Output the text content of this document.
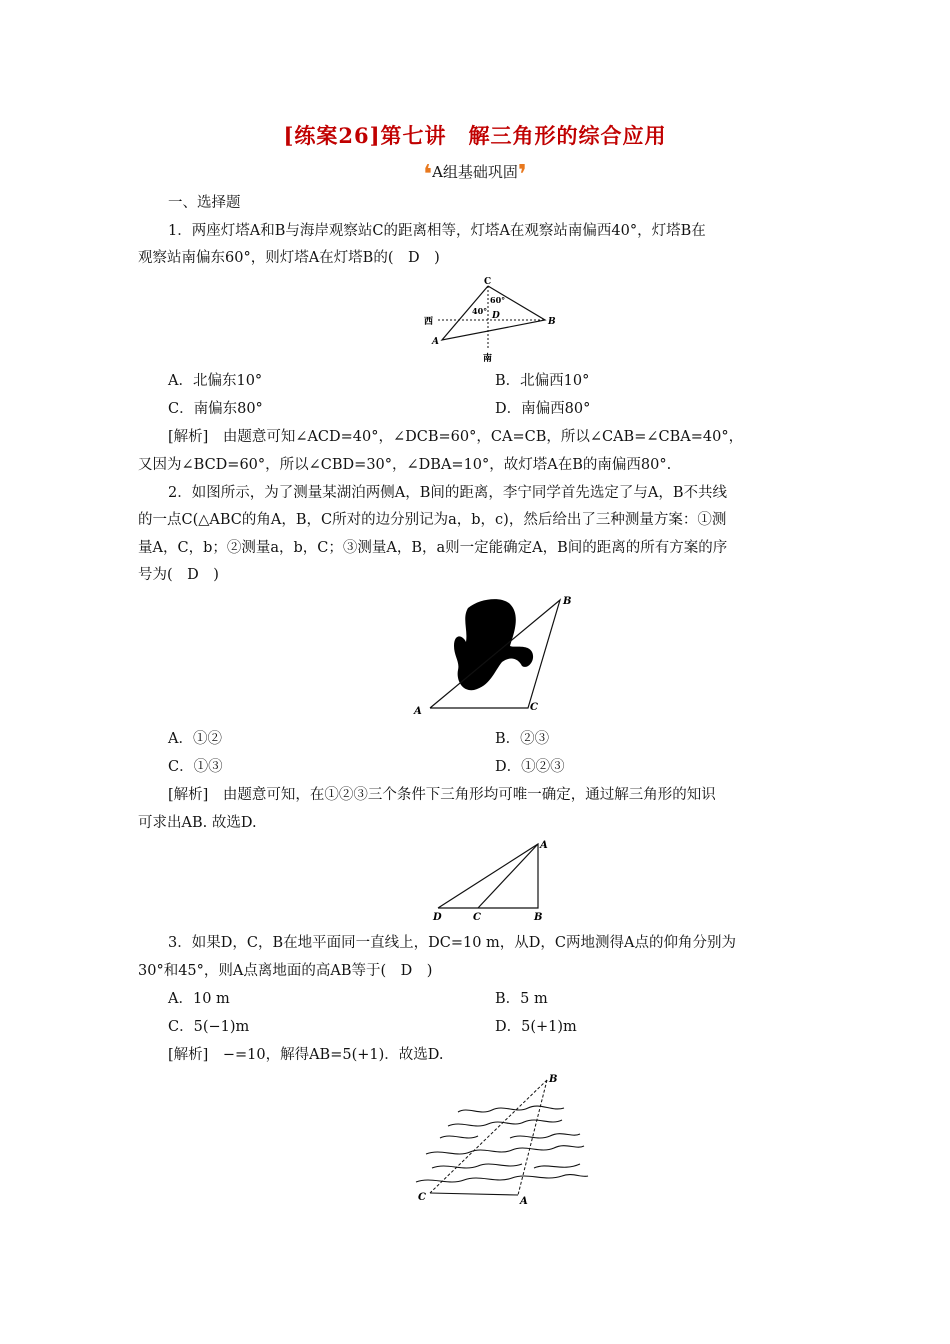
[练案26]第七讲　解三角形的综合应用
❛A组基础巩固❜
一、选择题
1．两座灯塔A和B与海岸观察站C的距离相等，灯塔A在观察站南偏西40°，灯塔B在
观察站南偏东60°，则灯塔A在灯塔B的(　D　)
C
60°
40° D
西	B
A
南
A．北偏东10°	B．北偏西10°
C．南偏东80°	D．南偏西80°
[解析]　由题意可知∠ACD=40°，∠DCB=60°，CA=CB，所以∠CAB=∠CBA=40°，
又因为∠BCD=60°，所以∠CBD=30°，∠DBA=10°，故灯塔A在B的南偏西80°.
2．如图所示，为了测量某湖泊两侧A，B间的距离，李宁同学首先选定了与A，B不共线
的一点C(△ABC的角A，B，C所对的边分别记为a，b，c)，然后给出了三种测量方案：①测
量A，C，b；②测量a，b，C；③测量A，B，a则一定能确定A，B间的距离的所有方案的序
号为(　D　)
A
B
C
A．①②	B．②③
C．①③	D．①②③
[解析]　由题意可知，在①②③三个条件下三角形均可唯一确定，通过解三角形的知识
可求出AB. 故选D.
A
D	C	B
3．如果D，C，B在地平面同一直线上，DC=10 m，从D，C两地测得A点的仰角分别为
30°和45°，则A点离地面的高AB等于(　D　)
A．10 m	B．5 m
C．5(−1)m	D．5(+1)m
[解析]　−=10，解得AB=5(+1)．故选D.
B
C	A
